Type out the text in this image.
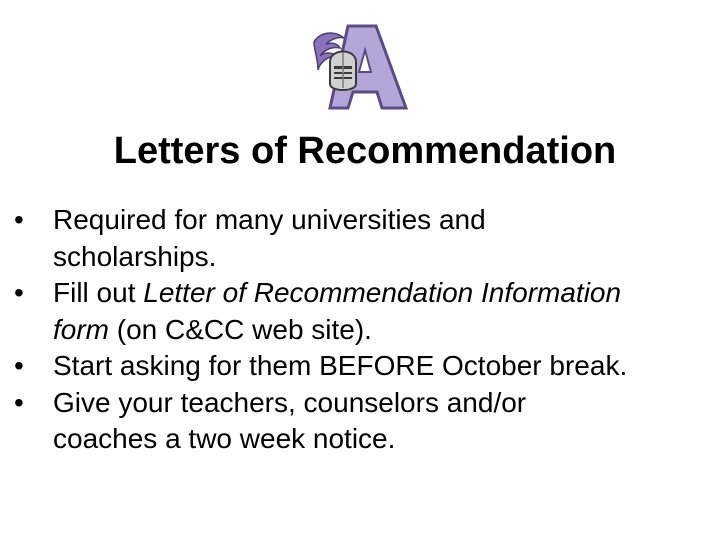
Letters of Recommendation
•	Required for many universities and
scholarships.
•	Fill out Letter of Recommendation Information
form (on C&CC web site).
•	Start asking for them BEFORE October break.
•	Give your teachers, counselors and/or
coaches a two week notice.
